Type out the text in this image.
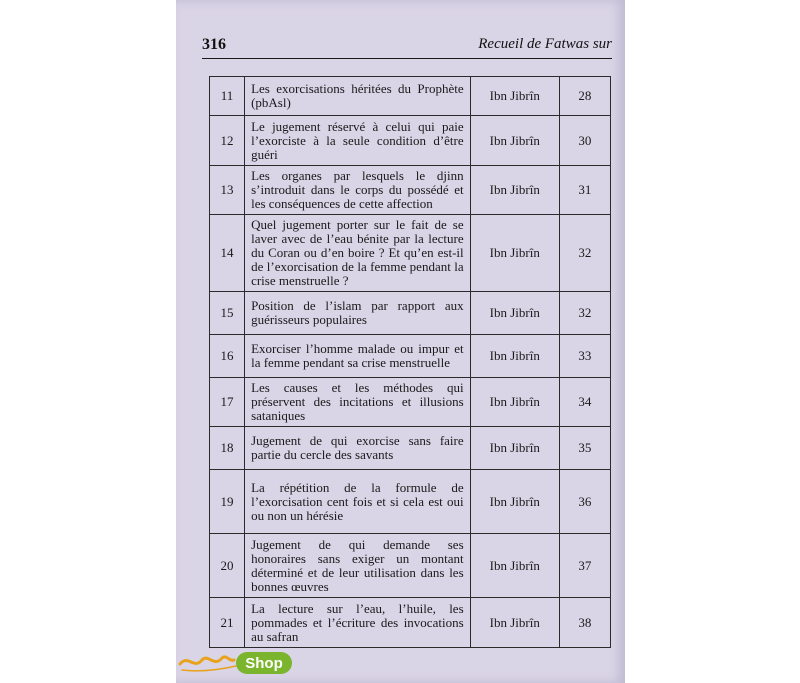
316	Recueil de Fatwas sur
11	Les exorcisations héritées du Prophète (pbAsl)	Ibn Jibrîn	28
12	Le jugement réservé à celui qui paie l’exorciste à la seule condition d’être guéri	Ibn Jibrîn	30
13	Les organes par lesquels le djinn s’introduit dans le corps du possédé et les conséquences de cette affection	Ibn Jibrîn	31
14	Quel jugement porter sur le fait de se laver avec de l’eau bénite par la lecture du Coran ou d’en boire ? Et qu’en est-il de l’exorcisation de la femme pendant la crise menstruelle ?	Ibn Jibrîn	32
15	Position de l’islam par rapport aux guérisseurs populaires	Ibn Jibrîn	32
16	Exorciser l’homme malade ou impur et la femme pendant sa crise menstruelle	Ibn Jibrîn	33
17	Les causes et les méthodes qui préservent des incitations et illusions sataniques	Ibn Jibrîn	34
18	Jugement de qui exorcise sans faire partie du cercle des savants	Ibn Jibrîn	35
19	La répétition de la formule de l’exorcisation cent fois et si cela est oui ou non un hérésie	Ibn Jibrîn	36
20	Jugement de qui demande ses honoraires sans exiger un montant déterminé et de leur utilisation dans les bonnes œuvres	Ibn Jibrîn	37
21	La lecture sur l’eau, l’huile, les pommades et l’écriture des invocations au safran	Ibn Jibrîn	38
Shop
